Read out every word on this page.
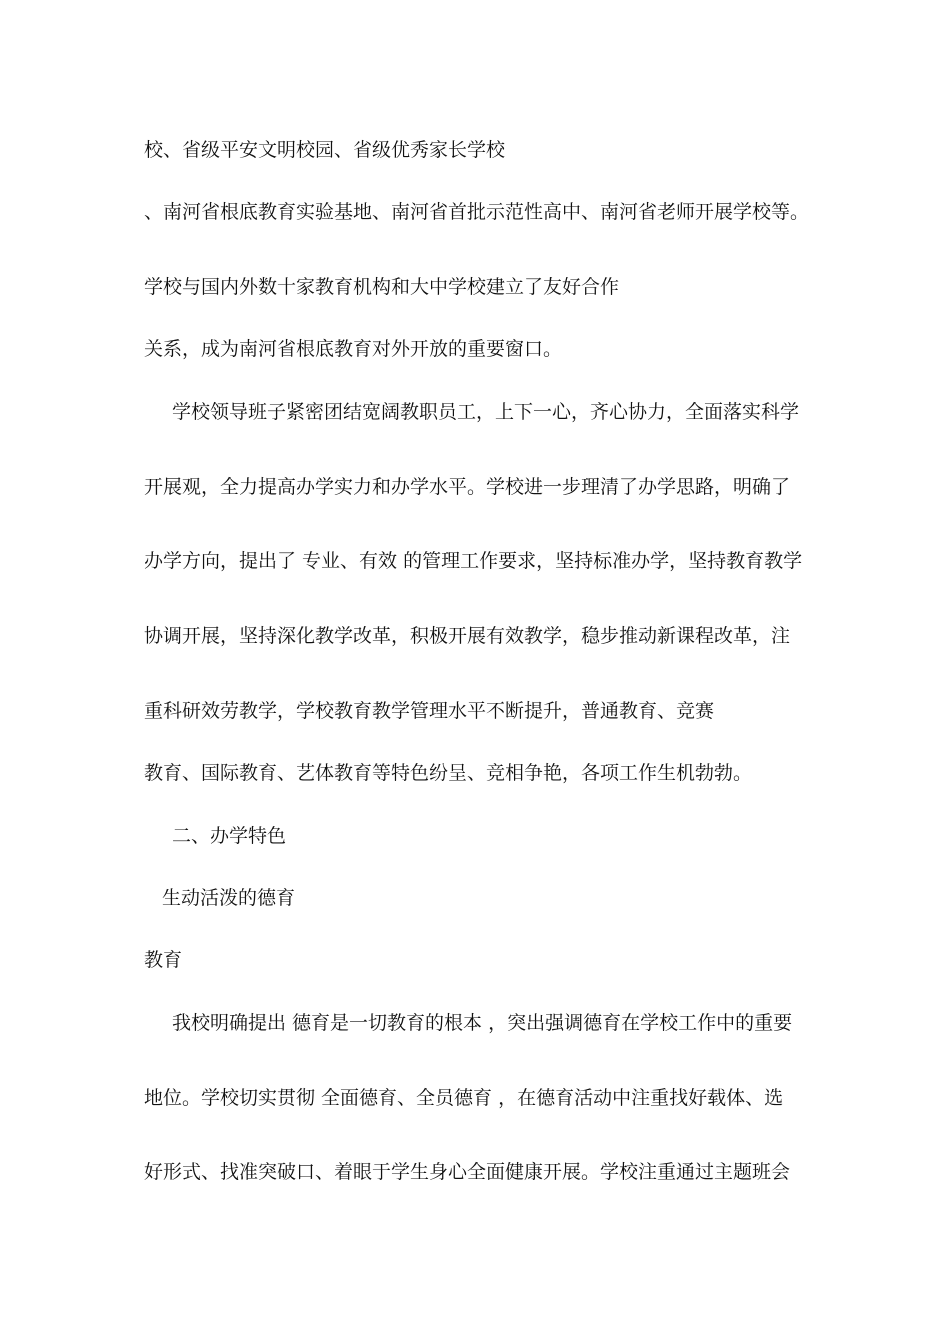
校、省级平安文明校园、省级优秀家长学校
、南河省根底教育实验基地、南河省首批示范性高中、南河省老师开展学校等。
学校与国内外数十家教育机构和大中学校建立了友好合作
关系，成为南河省根底教育对外开放的重要窗口。
学校领导班子紧密团结宽阔教职员工，上下一心，齐心协力，全面落实科学
开展观，全力提高办学实力和办学水平。学校进一步理清了办学思路，明确了
办学方向，提出了 专业、有效 的管理工作要求，坚持标准办学，坚持教育教学
协调开展，坚持深化教学改革，积极开展有效教学，稳步推动新课程改革，注
重科研效劳教学，学校教育教学管理水平不断提升，普通教育、竞赛
教育、国际教育、艺体教育等特色纷呈、竞相争艳，各项工作生机勃勃。
二、办学特色
生动活泼的德育
教育
我校明确提出 德育是一切教育的根本 ，突出强调德育在学校工作中的重要
地位。学校切实贯彻 全面德育、全员德育 ，在德育活动中注重找好载体、选
好形式、找准突破口、着眼于学生身心全面健康开展。学校注重通过主题班会
